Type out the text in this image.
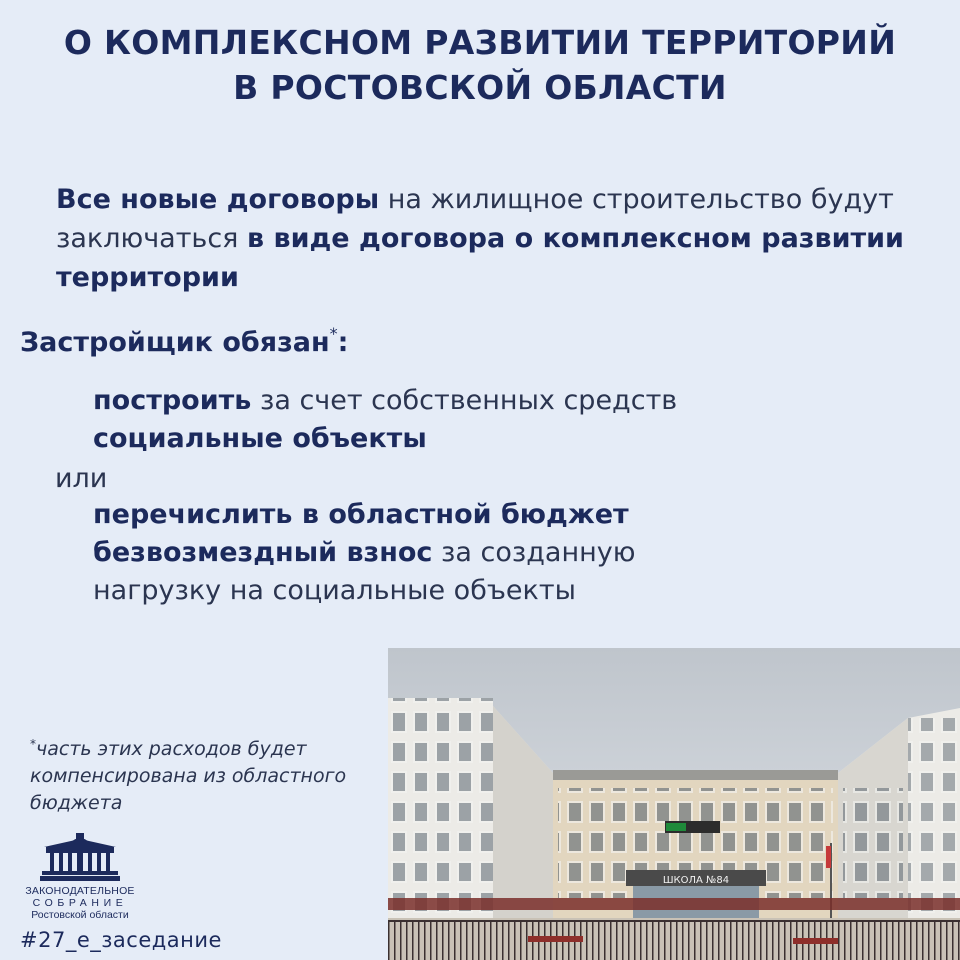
О КОМПЛЕКСНОМ РАЗВИТИИ ТЕРРИТОРИЙ
В РОСТОВСКОЙ ОБЛАСТИ
Все новые договоры на жилищное строительство будут заключаться в виде договора о комплексном развитии территории
Застройщик обязан*:
построить за счет собственных средств
социальные объекты
или
перечислить в областной бюджет
безвозмездный взнос за созданную
нагрузку на социальные объекты
*часть этих расходов будет компенсирована из областного бюджета
ЗАКОНОДАТЕЛЬНОЕ
СОБРАНИЕ
Ростовской области
#27_е_заседание
ШКОЛА №84
